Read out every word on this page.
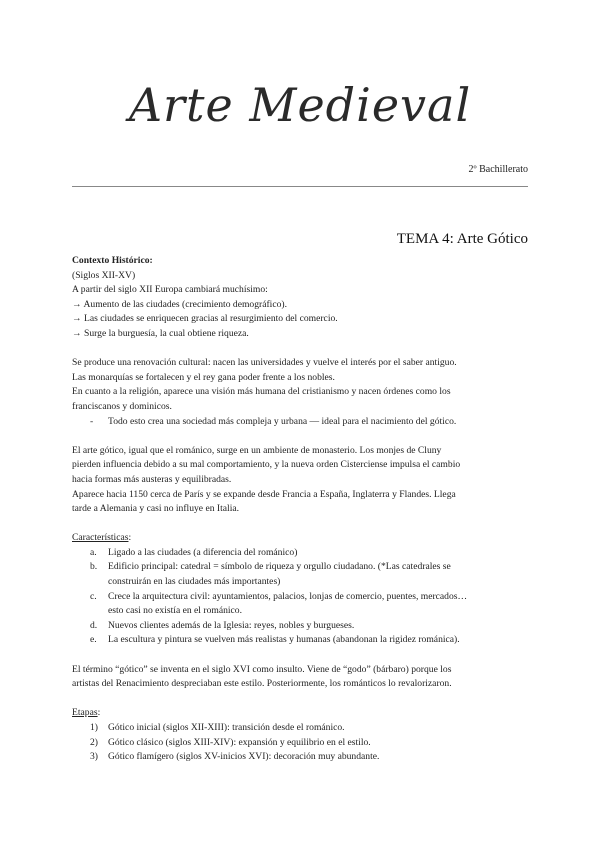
Arte Medieval
2º Bachillerato
TEMA 4: Arte Gótico

Contexto Histórico:

(Siglos XII-XV)

A partir del siglo XII Europa cambiará muchísimo:

→ Aumento de las ciudades (crecimiento demográfico).

→ Las ciudades se enriquecen gracias al resurgimiento del comercio.

→ Surge la burguesía, la cual obtiene riqueza.

Se produce una renovación cultural: nacen las universidades y vuelve el interés por el saber antiguo.

Las monarquías se fortalecen y el rey gana poder frente a los nobles.

En cuanto a la religión, aparece una visión más humana del cristianismo y nacen órdenes como los

franciscanos y dominicos.

- Todo esto crea una sociedad más compleja y urbana — ideal para el nacimiento del gótico.

El arte gótico, igual que el románico, surge en un ambiente de monasterio. Los monjes de Cluny

pierden influencia debido a su mal comportamiento, y la nueva orden Cisterciense impulsa el cambio

hacia formas más austeras y equilibradas.

Aparece hacia 1150 cerca de París y se expande desde Francia a España, Inglaterra y Flandes. Llega

tarde a Alemania y casi no influye en Italia.

Características:

a. Ligado a las ciudades (a diferencia del románico)
b. Edificio principal: catedral = símbolo de riqueza y orgullo ciudadano. (*Las catedrales se
construirán en las ciudades más importantes)
c. Crece la arquitectura civil: ayuntamientos, palacios, lonjas de comercio, puentes, mercados…
esto casi no existía en el románico.
d. Nuevos clientes además de la Iglesia: reyes, nobles y burgueses.
e. La escultura y pintura se vuelven más realistas y humanas (abandonan la rigidez románica).

El término “gótico” se inventa en el siglo XVI como insulto. Viene de “godo” (bárbaro) porque los

artistas del Renacimiento despreciaban este estilo. Posteriormente, los románticos lo revalorizaron.

Etapas:

1) Gótico inicial (siglos XII-XIII): transición desde el románico.
2) Gótico clásico (siglos XIII-XIV): expansión y equilibrio en el estilo.
3) Gótico flamígero (siglos XV-inicios XVI): decoración muy abundante.
